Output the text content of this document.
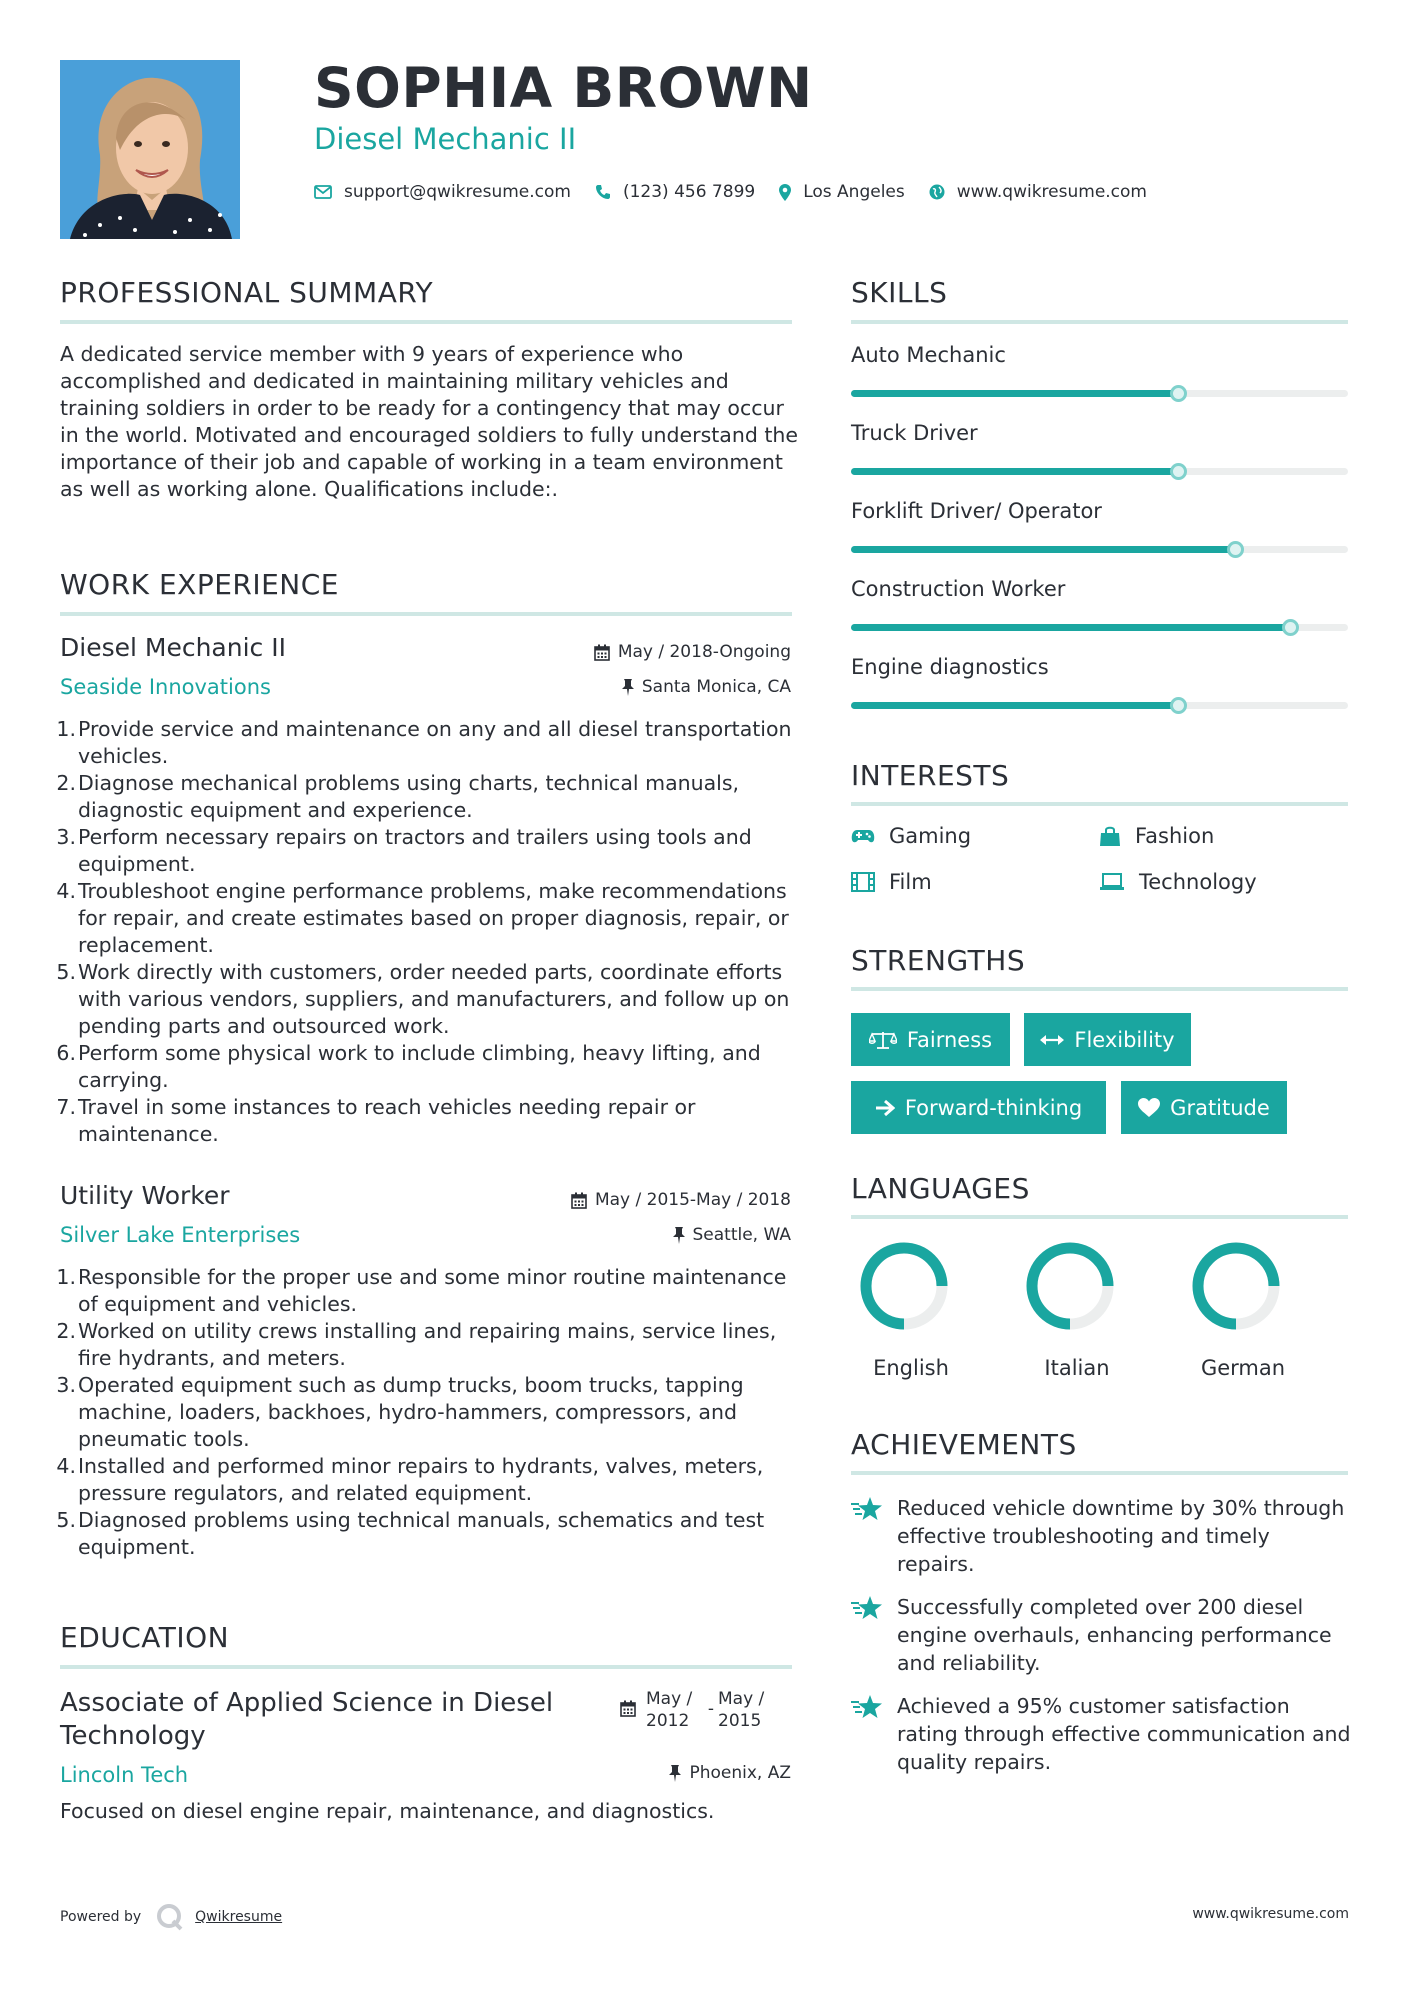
SOPHIA BROWN
Diesel Mechanic II
support@qwikresume.com	(123) 456 7899	Los Angeles	www.qwikresume.com
PROFESSIONAL SUMMARY
A dedicated service member with 9 years of experience who accomplished and dedicated in maintaining military vehicles and training soldiers in order to be ready for a contingency that may occur in the world. Motivated and encouraged soldiers to fully understand the importance of their job and capable of working in a team environment as well as working alone. Qualifications include:.
WORK EXPERIENCE
Diesel Mechanic II	May / 2018-Ongoing
Seaside Innovations	Santa Monica, CA
Provide service and maintenance on any and all diesel transportation vehicles.
Diagnose mechanical problems using charts, technical manuals, diagnostic equipment and experience.
Perform necessary repairs on tractors and trailers using tools and equipment.
Troubleshoot engine performance problems, make recommendations for repair, and create estimates based on proper diagnosis, repair, or replacement.
Work directly with customers, order needed parts, coordinate efforts with various vendors, suppliers, and manufacturers, and follow up on pending parts and outsourced work.
Perform some physical work to include climbing, heavy lifting, and carrying.
Travel in some instances to reach vehicles needing repair or maintenance.
Utility Worker	May / 2015-May / 2018
Silver Lake Enterprises	Seattle, WA
Responsible for the proper use and some minor routine maintenance of equipment and vehicles.
Worked on utility crews installing and repairing mains, service lines, fire hydrants, and meters.
Operated equipment such as dump trucks, boom trucks, tapping machine, loaders, backhoes, hydro-hammers, compressors, and pneumatic tools.
Installed and performed minor repairs to hydrants, valves, meters, pressure regulators, and related equipment.
Diagnosed problems using technical manuals, schematics and test equipment.
EDUCATION
Associate of Applied Science in Diesel Technology
May / 2012
- May / 2015
Lincoln Tech	Phoenix, AZ
Focused on diesel engine repair, maintenance, and diagnostics.
SKILLS
Auto Mechanic
Truck Driver
Forklift Driver/ Operator
Construction Worker
Engine diagnostics
INTERESTS
Gaming	Fashion
Film	Technology
STRENGTHS
Fairness	Flexibility
Forward-thinking	Gratitude
LANGUAGES
English	Italian	German
ACHIEVEMENTS
Reduced vehicle downtime by 30% through effective troubleshooting and timely repairs.
Successfully completed over 200 diesel engine overhauls, enhancing performance and reliability.
Achieved a 95% customer satisfaction rating through effective communication and quality repairs.
Powered by	Qwikresume	www.qwikresume.com
